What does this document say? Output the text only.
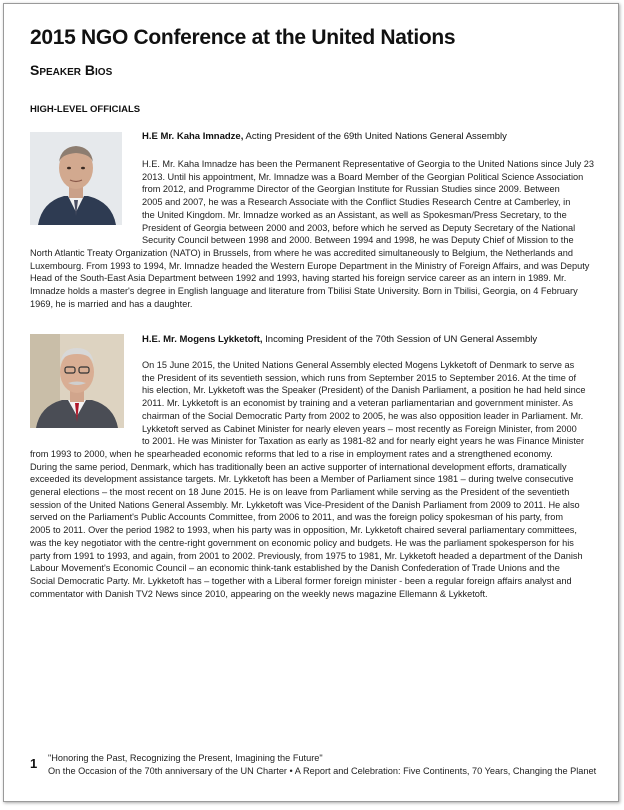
2015 NGO Conference at the United Nations
Speaker Bios
HIGH-LEVEL OFFICIALS
H.E Mr. Kaha Imnadze, Acting President of the 69th United Nations General Assembly
H.E. Mr. Kaha Imnadze has been the Permanent Representative of Georgia to the United Nations since July 23
2013. Until his appointment, Mr. Imnadze was a Board Member of the Georgian Political Science Association
from 2012, and Programme Director of the Georgian Institute for Russian Studies since 2009. Between
2005 and 2007, he was a Research Associate with the Conflict Studies Research Centre at Camberley, in
the United Kingdom. Mr. Imnadze worked as an Assistant, as well as Spokesman/Press Secretary, to the
President of Georgia between 2000 and 2003, before which he served as Deputy Secretary of the National
Security Council between 1998 and 2000. Between 1994 and 1998, he was Deputy Chief of Mission to the
North Atlantic Treaty Organization (NATO) in Brussels, from where he was accredited simultaneously to Belgium, the Netherlands and
Luxembourg. From 1993 to 1994, Mr. Imnadze headed the Western Europe Department in the Ministry of Foreign Affairs, and was Deputy
Head of the South-East Asia Department between 1992 and 1993, having started his foreign service career as an intern in 1989. Mr.
Imnadze holds a master's degree in English language and literature from Tbilisi State University. Born in Tbilisi, Georgia, on 4 February
1969, he is married and has a daughter.
H.E. Mr. Mogens Lykketoft, Incoming President of the 70th Session of UN General Assembly
On 15 June 2015, the United Nations General Assembly elected Mogens Lykketoft of Denmark to serve as
the President of its seventieth session, which runs from September 2015 to September 2016. At the time of
his election, Mr. Lykketoft was the Speaker (President) of the Danish Parliament, a position he had held since
2011. Mr. Lykketoft is an economist by training and a veteran parliamentarian and government minister. As
chairman of the Social Democratic Party from 2002 to 2005, he was also opposition leader in Parliament. Mr.
Lykketoft served as Cabinet Minister for nearly eleven years – most recently as Foreign Minister, from 2000
to 2001. He was Minister for Taxation as early as 1981-82 and for nearly eight years he was Finance Minister
from 1993 to 2000, when he spearheaded economic reforms that led to a rise in employment rates and a strengthened economy.
During the same period, Denmark, which has traditionally been an active supporter of international development efforts, dramatically
exceeded its development assistance targets. Mr. Lykketoft has been a Member of Parliament since 1981 – during twelve consecutive
general elections – the most recent on 18 June 2015. He is on leave from Parliament while serving as the President of the seventieth
session of the United Nations General Assembly. Mr. Lykketoft was Vice-President of the Danish Parliament from 2009 to 2011. He also
served on the Parliament's Public Accounts Committee, from 2006 to 2011, and was the foreign policy spokesman of his party, from
2005 to 2011. Over the period 1982 to 1993, when his party was in opposition, Mr. Lykketoft chaired several parliamentary committees,
was the key negotiator with the centre-right government on economic policy and budgets. He was the parliament spokesperson for his
party from 1991 to 1993, and again, from 2001 to 2002. Previously, from 1975 to 1981, Mr. Lykketoft headed a department of the Danish
Labour Movement's Economic Council – an economic think-tank established by the Danish Confederation of Trade Unions and the
Social Democratic Party. Mr. Lykketoft has – together with a Liberal former foreign minister - been a regular foreign affairs analyst and
commentator with Danish TV2 News since 2010, appearing on the weekly news magazine Ellemann & Lykketoft.
1 "Honoring the Past, Recognizing the Present, Imagining the Future"
On the Occasion of the 70th anniversary of the UN Charter • A Report and Celebration: Five Continents, 70 Years, Changing the Planet
